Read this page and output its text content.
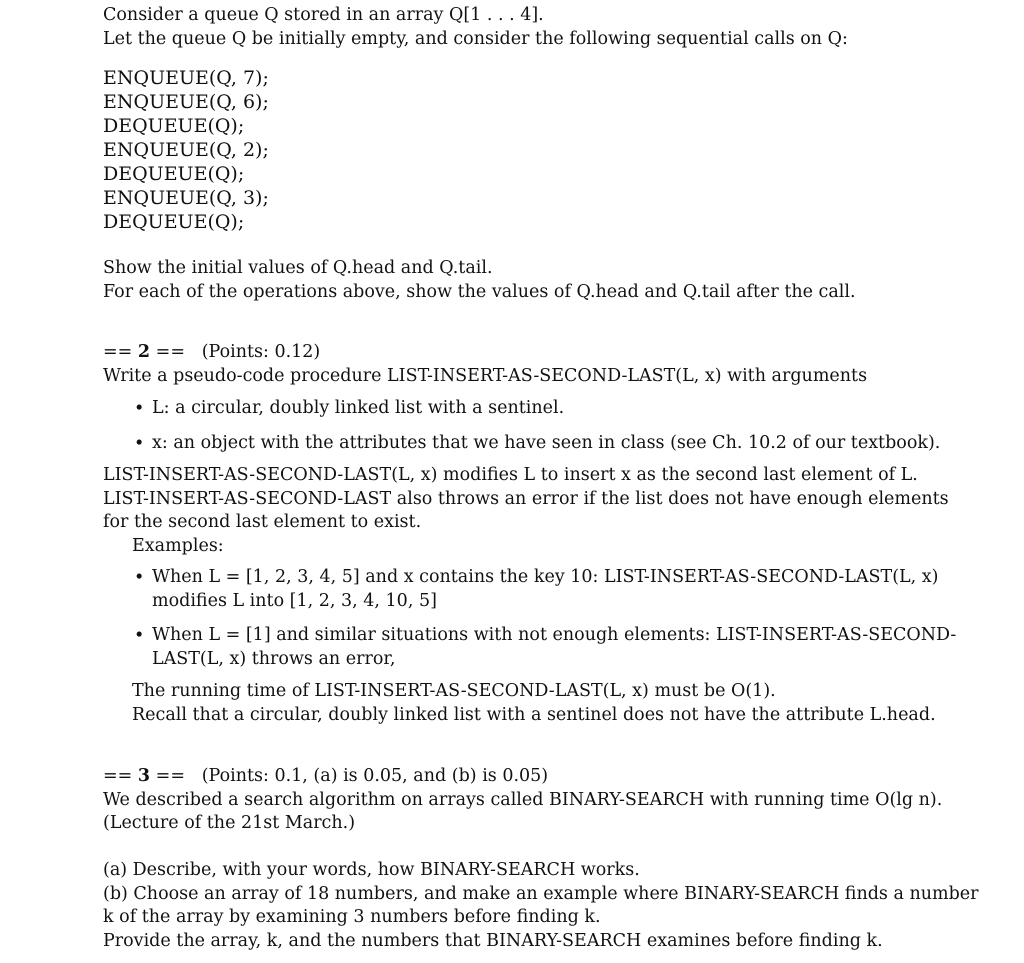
Consider a queue Q stored in an array Q[1 . . . 4].
Let the queue Q be initially empty, and consider the following sequential calls on Q:
ENQUEUE(Q, 7);
ENQUEUE(Q, 6);
DEQUEUE(Q);
ENQUEUE(Q, 2);
DEQUEUE(Q);
ENQUEUE(Q, 3);
DEQUEUE(Q);
Show the initial values of Q.head and Q.tail.
For each of the operations above, show the values of Q.head and Q.tail after the call.
== 2 == (Points: 0.12)
Write a pseudo-code procedure LIST-INSERT-AS-SECOND-LAST(L, x) with arguments
• L: a circular, doubly linked list with a sentinel.
• x: an object with the attributes that we have seen in class (see Ch. 10.2 of our textbook).
LIST-INSERT-AS-SECOND-LAST(L, x) modifies L to insert x as the second last element of L.
LIST-INSERT-AS-SECOND-LAST also throws an error if the list does not have enough elements
for the second last element to exist.
Examples:
• When L = [1, 2, 3, 4, 5] and x contains the key 10: LIST-INSERT-AS-SECOND-LAST(L, x)
modifies L into [1, 2, 3, 4, 10, 5]
• When L = [1] and similar situations with not enough elements: LIST-INSERT-AS-SECOND-
LAST(L, x) throws an error,
The running time of LIST-INSERT-AS-SECOND-LAST(L, x) must be O(1).
Recall that a circular, doubly linked list with a sentinel does not have the attribute L.head.
== 3 == (Points: 0.1, (a) is 0.05, and (b) is 0.05)
We described a search algorithm on arrays called BINARY-SEARCH with running time O(lg n).
(Lecture of the 21st March.)
(a) Describe, with your words, how BINARY-SEARCH works.
(b) Choose an array of 18 numbers, and make an example where BINARY-SEARCH finds a number
k of the array by examining 3 numbers before finding k.
Provide the array, k, and the numbers that BINARY-SEARCH examines before finding k.
